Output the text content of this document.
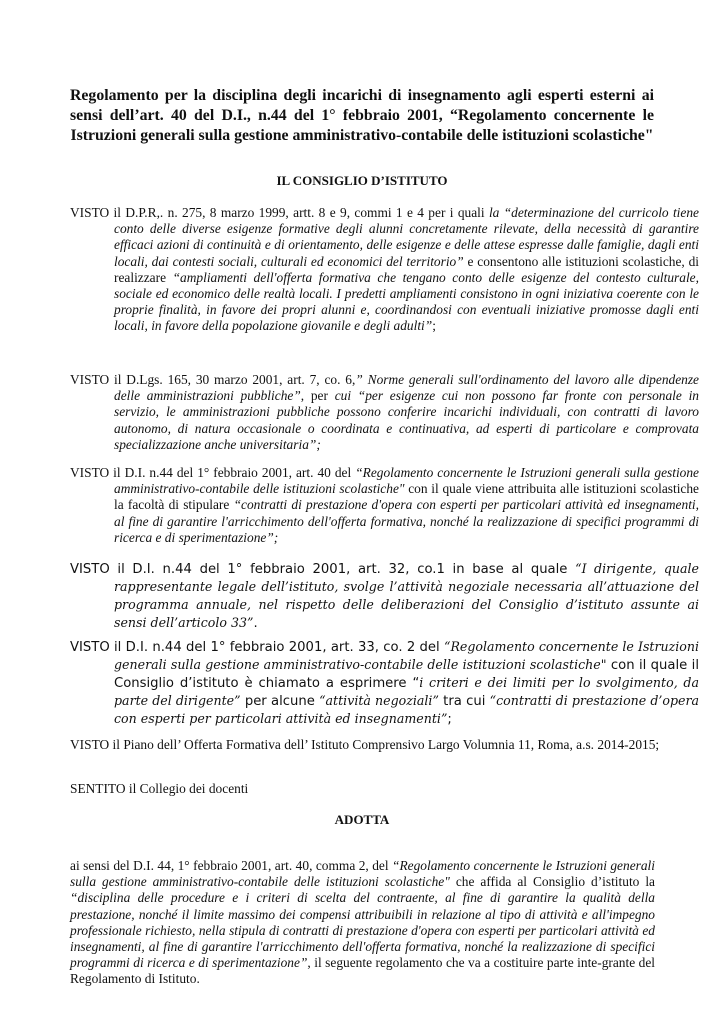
Regolamento per la disciplina degli incarichi di insegnamento agli esperti esterni ai sensi dell’art. 40 del D.I., n.44 del 1° febbraio 2001, “Regolamento concernente le Istruzioni generali sulla gestione amministrativo-contabile delle istituzioni scolastiche"
IL CONSIGLIO D’ISTITUTO

VISTO il D.P.R,. n. 275, 8 marzo 1999, artt. 8 e 9, commi 1 e 4 per i quali la “determinazione del curricolo tiene conto delle diverse esigenze formative degli alunni concretamente rilevate, della necessità di garantire efficaci azioni di continuità e di orientamento, delle esigenze e delle attese espresse dalle famiglie, dagli enti locali, dai contesti sociali, culturali ed economici del territorio” e consentono alle istituzioni scolastiche, di realizzare “ampliamenti dell'offerta formativa che tengano conto delle esigenze del contesto culturale, sociale ed economico delle realtà locali. I predetti ampliamenti consistono in ogni iniziativa coerente con le proprie finalità, in favore dei propri alunni e, coordinandosi con eventuali iniziative promosse dagli enti locali, in favore della popolazione giovanile e degli adulti”;

VISTO il D.Lgs. 165, 30 marzo 2001, art. 7, co. 6,” Norme generali sull'ordinamento del lavoro alle dipendenze delle amministrazioni pubbliche”, per cui “per esigenze cui non possono far fronte con personale in servizio, le amministrazioni pubbliche possono conferire incarichi individuali, con contratti di lavoro autonomo, di natura occasionale o coordinata e continuativa, ad esperti di particolare e comprovata specializzazione anche universitaria”;

VISTO il D.I. n.44 del 1° febbraio 2001, art. 40 del “Regolamento concernente le Istruzioni generali sulla gestione amministrativo-contabile delle istituzioni scolastiche" con il quale viene attribuita alle istituzioni scolastiche la facoltà di stipulare “contratti di prestazione d'opera con esperti per particolari attività ed insegnamenti, al fine di garantire l'arricchimento dell'offerta formativa, nonché la realizzazione di specifici programmi di ricerca e di sperimentazione”;

VISTO il D.I. n.44 del 1° febbraio 2001, art. 32, co.1 in base al quale “I dirigente, quale rappresentante legale dell’istituto, svolge l’attività negoziale necessaria all’attuazione del programma annuale, nel rispetto delle deliberazioni del Consiglio d’istituto assunte ai sensi dell’articolo 33”.

VISTO il D.I. n.44 del 1° febbraio 2001, art. 33, co. 2 del “Regolamento concernente le Istruzioni generali sulla gestione amministrativo-contabile delle istituzioni scolastiche" con il quale il Consiglio d’istituto è chiamato a esprimere “i criteri e dei limiti per lo svolgimento, da parte del dirigente” per alcune “attività negoziali” tra cui “contratti di prestazione d’opera con esperti per particolari attività ed insegnamenti”;

VISTO il Piano dell’ Offerta Formativa dell’ Istituto Comprensivo Largo Volumnia 11, Roma, a.s. 2014-2015;

SENTITO il Collegio dei docenti

ADOTTA

ai sensi del D.I. 44, 1° febbraio 2001, art. 40, comma 2, del “Regolamento concernente le Istruzioni generali sulla gestione amministrativo-contabile delle istituzioni scolastiche" che affida al Consiglio d’istituto la “disciplina delle procedure e i criteri di scelta del contraente, al fine di garantire la qualità della prestazione, nonché il limite massimo dei compensi attribuibili in relazione al tipo di attività e all'impegno professionale richiesto, nella stipula di contratti di prestazione d'opera con esperti per particolari attività ed insegnamenti, al fine di garantire l'arricchimento dell'offerta formativa, nonché la realizzazione di specifici programmi di ricerca e di sperimentazione”, il seguente regolamento che va a costituire parte inte-grante del Regolamento di Istituto.
